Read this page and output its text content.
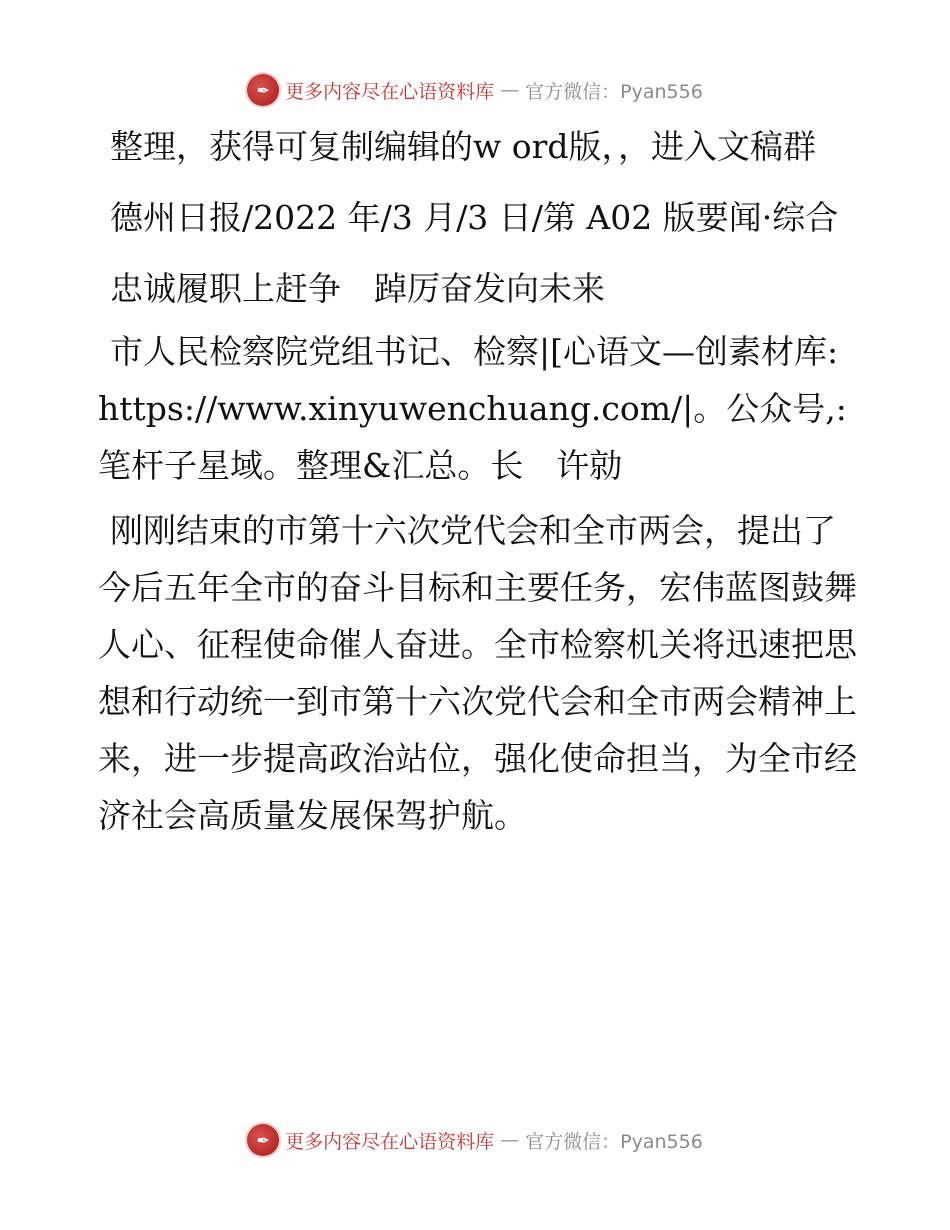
✒ 更多内容尽在心语资料库 — 官方微信：Pyan556

整理，获得可复制编辑的w ord版，，进入文稿群

德州日报/2022 年/3 月/3 日/第 A02 版要闻·综合

忠诚履职上赶争　踔厉奋发向未来

市人民检察院党组书记、检察|[心语文—创素材库: https://www.xinyuwenchuang.com/|。公众号,: 笔杆子星域。整理&汇总。长　许勍

刚刚结束的市第十六次党代会和全市两会，提出了今后五年全市的奋斗目标和主要任务，宏伟蓝图鼓舞人心、征程使命催人奋进。全市检察机关将迅速把思想和行动统一到市第十六次党代会和全市两会精神上来，进一步提高政治站位，强化使命担当，为全市经济社会高质量发展保驾护航。

✒ 更多内容尽在心语资料库 — 官方微信：Pyan556
